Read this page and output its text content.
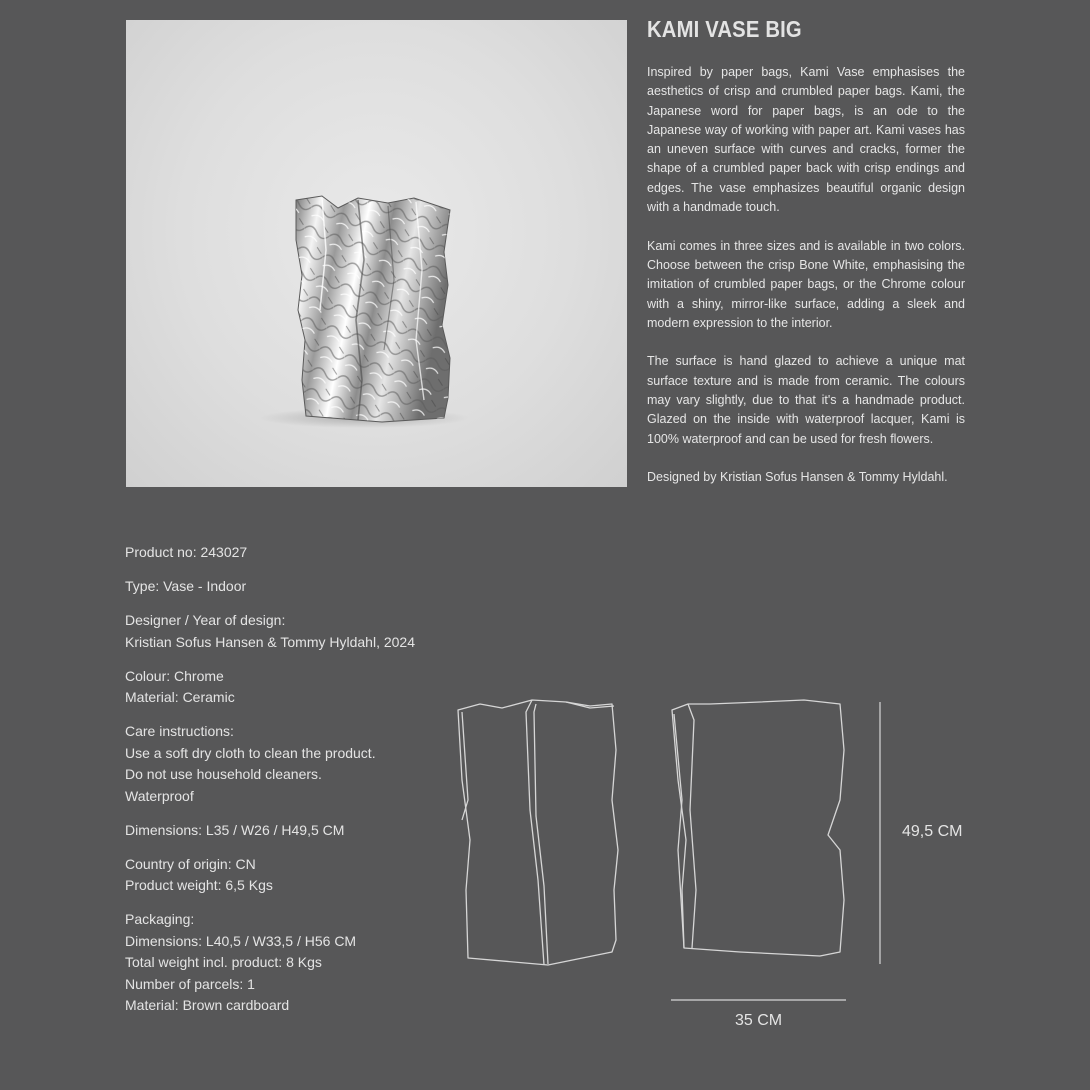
KAMI VASE BIG

Inspired by paper bags, Kami Vase emphasises the aesthetics of crisp and crumbled paper bags. Kami, the Japanese word for paper bags, is an ode to the Japanese way of working with paper art. Kami vases has an uneven surface with curves and cracks, former the shape of a crumbled paper back with crisp endings and edges. The vase emphasizes beautiful organic design with a handmade touch.

Kami comes in three sizes and is available in two colors. Choose between the crisp Bone White, emphasising the imitation of crumbled paper bags, or the Chrome colour with a shiny, mirror-like surface, adding a sleek and modern expression to the interior.

The surface is hand glazed to achieve a unique mat surface texture and is made from ceramic. The colours may vary slightly, due to that it's a handmade product. Glazed on the inside with waterproof lacquer, Kami is 100% waterproof and can be used for fresh flowers.

Designed by Kristian Sofus Hansen & Tommy Hyldahl.

Product no: 243027
Type: Vase - Indoor
Designer / Year of design:
Kristian Sofus Hansen & Tommy Hyldahl, 2024
Colour: Chrome
Material: Ceramic
Care instructions:
Use a soft dry cloth to clean the product.
Do not use household cleaners.
Waterproof
Dimensions: L35 / W26 / H49,5 CM
Country of origin: CN
Product weight: 6,5 Kgs
Packaging:
Dimensions: L40,5 / W33,5 / H56 CM
Total weight incl. product: 8 Kgs
Number of parcels: 1
Material: Brown cardboard
49,5 CM
35 CM
